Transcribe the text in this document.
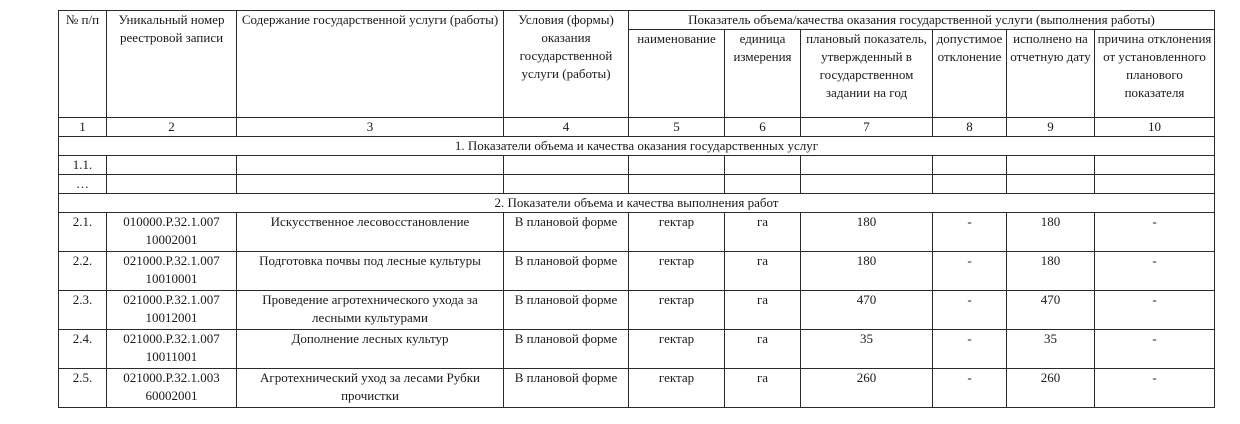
№ п/п	Уникальный номер реестровой записи	Содержание государственной услуги (работы)	Условия (формы) оказания государственной услуги (работы)	Показатель объема/качества оказания государственной услуги (выполнения работы)					
				наименование	единица измерения	плановый показатель, утвержденный в государственном задании на год	допустимое отклонение	исполнено на отчетную дату	причина отклонения от установленного планового показателя
1	2	3	4	5	6	7	8	9	10
1. Показатели объема и качества оказания государственных услуг									
1.1.									
…									
2. Показатели объема и качества выполнения работ									
2.1.	010000.Р.32.1.007 10002001	Искусственное лесовосстановление	В плановой форме	гектар	га	180	-	180	-
2.2.	021000.Р.32.1.007 10010001	Подготовка почвы под лесные культуры	В плановой форме	гектар	га	180	-	180	-
2.3.	021000.Р.32.1.007 10012001	Проведение агротехнического ухода за лесными культурами	В плановой форме	гектар	га	470	-	470	-
2.4.	021000.Р.32.1.007 10011001	Дополнение лесных культур	В плановой форме	гектар	га	35	-	35	-
2.5.	021000.Р.32.1.003 60002001	Агротехнический уход за лесами Рубки прочистки	В плановой форме	гектар	га	260	-	260	-
